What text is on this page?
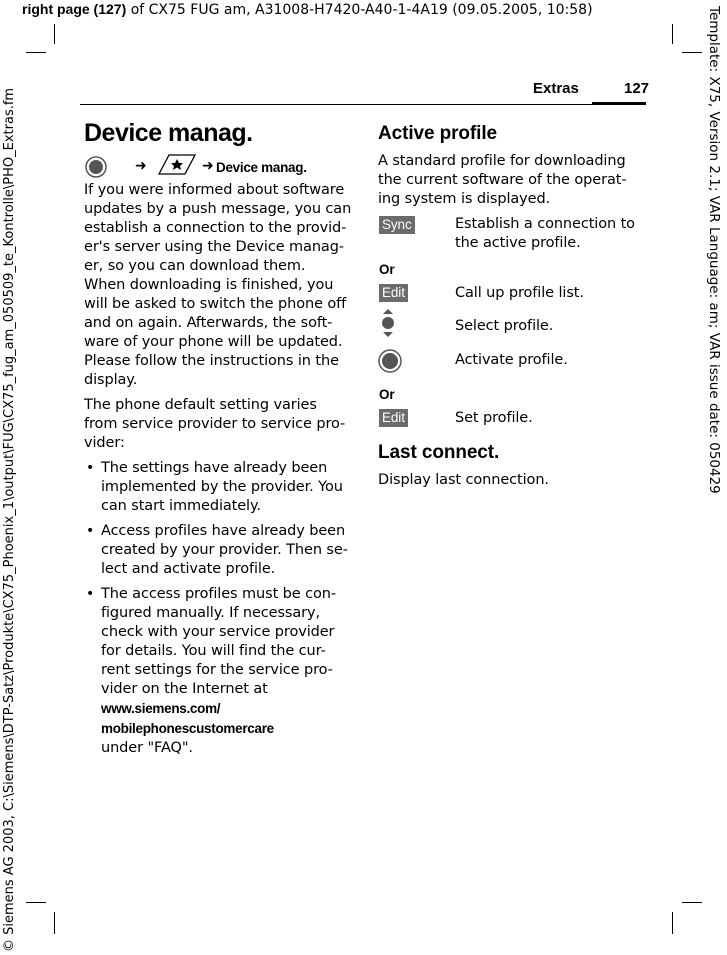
right page (127) of CX75 FUG am, A31008-H7420-A40-1-4A19 (09.05.2005, 10:58)	Template: X75, Version 2.1; VAR Language: am; VAR issue date: 050429
© Siemens AG 2003, C:\Siemens\DTP-Satz\Produkte\CX75_Phoenix_1\output\FUG\CX75_fug_am_050509_te_Kontrolle\PHO_Extras.fm	Extras	127
Device manag.
➜	➜ Device manag.

If you were informed about software
updates by a push message, you can
establish a connection to the provid-
er's server using the Device manag-
er, so you can download them.
When downloading is finished, you
will be asked to switch the phone off
and on again. Afterwards, the soft-
ware of your phone will be updated.
Please follow the instructions in the
display.

The phone default setting varies
from service provider to service pro-
vider:

• The settings have already been
implemented by the provider. You
can start immediately.
• Access profiles have already been
created by your provider. Then se-
lect and activate profile.
• The access profiles must be con-
figured manually. If necessary,
check with your service provider
for details. You will find the cur-
rent settings for the service pro-
vider on the Internet at
www.siemens.com/
mobilephonescustomercare
under "FAQ".
Active profile

A standard profile for downloading
the current software of the operat-
ing system is displayed.

Sync	Establish a connection to
the active profile.
Or
Edit	Call up profile list.
Select profile.
Activate profile.
Or
Edit	Set profile.
Last connect.
Display last connection.
